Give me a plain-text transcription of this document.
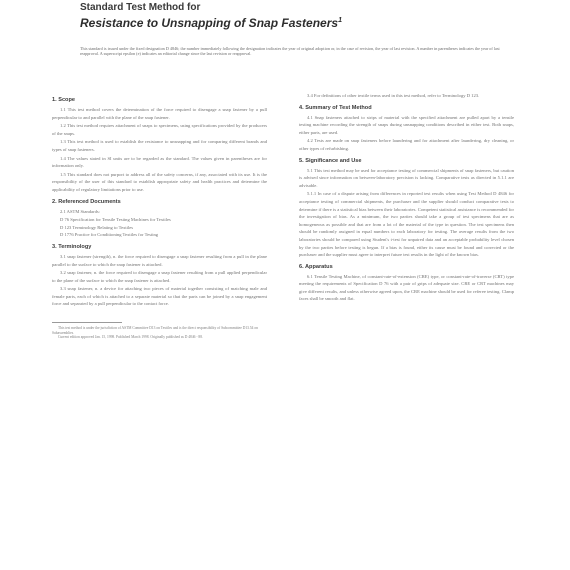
Standard Test Method for
Resistance to Unsnapping of Snap Fasteners$^1$
This standard is issued under the fixed designation D 4846; the number immediately following the designation indicates the year of original adoption or, in the case of revision, the year of last revision. A number in parentheses indicates the year of last reapproval. A superscript epsilon (e) indicates an editorial change since the last revision or reapproval.
1. Scope
1.1 This test method covers the determination of the force required to disengage a snap fastener by a pull perpendicular to and parallel with the plane of the snap fastener.
1.2 This test method requires attachment of snaps to specimens, using specifications provided by the producers of the snaps.
1.3 This test method is used to establish the resistance to unsnapping and for comparing different brands and types of snap fasteners.
1.4 The values stated in SI units are to be regarded as the standard. The values given in parentheses are for information only.
1.5 This standard does not purport to address all of the safety concerns, if any, associated with its use. It is the responsibility of the user of this standard to establish appropriate safety and health practices and determine the applicability of regulatory limitations prior to use.
2. Referenced Documents
2.1 ASTM Standards:
D 76 Specification for Tensile Testing Machines for Textiles
D 123 Terminology Relating to Textiles
D 1776 Practice for Conditioning Textiles for Testing
3. Terminology
3.1 snap fastener (strength), n. the force required to disengage a snap fastener resulting from a pull in the plane parallel to the surface to which the snap fastener is attached.
3.2 snap fastener, n. the force required to disengage a snap fastener resulting from a pull applied perpendicular to the plane of the surface to which the snap fastener is attached.
3.3 snap fastener, n. a device for attaching two pieces of material together consisting of matching male and female parts, each of which is attached to a separate material so that the parts can be joined by a snap engagement force and separated by a pull perpendicular to the contact force.
This test method is under the jurisdiction of ASTM Committee D13 on Textiles and is the direct responsibility of Subcommittee D13.54 on Subassemblies.
Current edition approved Jan. 15, 1998. Published March 1998. Originally published as D 4846 - 88.
3.4 For definitions of other textile terms used in this test method, refer to Terminology D 123.
4. Summary of Test Method
4.1 Snap fasteners attached to strips of material with the specified attachment are pulled apart by a tensile testing machine recording the strength of snaps during unsnapping conditions described in either test. Both snaps, either parts, are used.
4.2 Tests are made on snap fasteners before laundering and for attachment after laundering, dry cleaning, or other types of refurbishing.
5. Significance and Use
5.1 This test method may be used for acceptance testing of commercial shipments of snap fasteners, but caution is advised since information on between-laboratory precision is lacking. Comparative tests as directed in 5.1.1 are advisable.
5.1.1 In case of a dispute arising from differences in reported test results when using Test Method D 4846 for acceptance testing of commercial shipments, the purchaser and the supplier should conduct comparative tests to determine if there is a statistical bias between their laboratories. Competent statistical assistance is recommended for the investigation of bias. As a minimum, the two parties should take a group of test specimens that are as homogeneous as possible and that are from a lot of the material of the type in question. The test specimens then should be randomly assigned in equal numbers to each laboratory for testing. The average results from the two laboratories should be compared using Student's t-test for unpaired data and an acceptable probability level chosen by the two parties before testing is begun. If a bias is found, either its cause must be found and corrected or the purchaser and the supplier must agree to interpret future test results in the light of the known bias.
6. Apparatus
6.1 Tensile Testing Machine, of constant-rate-of-extension (CRE) type, or constant-rate-of-traverse (CRT) type meeting the requirements of Specification D 76 with a pair of grips of adequate size. CRE or CRT machines may give different results, and unless otherwise agreed upon, the CRE machine should be used for referee testing. Clamp faces shall be smooth and flat.
